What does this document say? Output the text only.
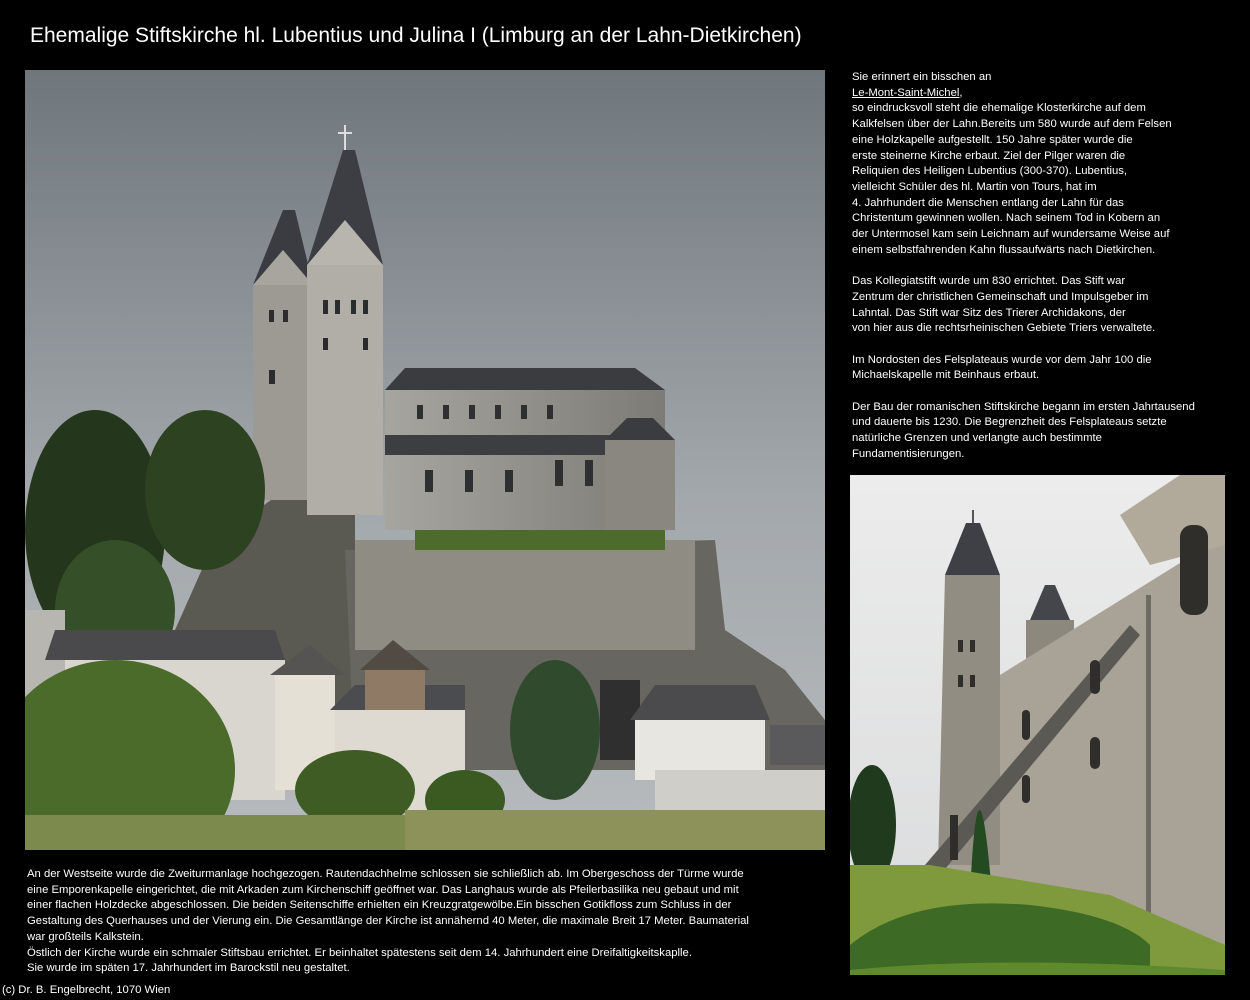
Ehemalige Stiftskirche hl. Lubentius und Julina I (Limburg an der Lahn-Dietkirchen)
Sie erinnert ein bisschen an
Le-Mont-Saint-Michel,
so eindrucksvoll steht die ehemalige Klosterkirche auf dem
Kalkfelsen über der Lahn.Bereits um 580 wurde auf dem Felsen
eine Holzkapelle aufgestellt. 150 Jahre später wurde die
erste steinerne Kirche erbaut. Ziel der Pilger waren die
Reliquien des Heiligen Lubentius (300-370). Lubentius,
vielleicht Schüler des hl. Martin von Tours, hat im
4. Jahrhundert die Menschen entlang der Lahn für das
Christentum gewinnen wollen. Nach seinem Tod in Kobern an
der Untermosel kam sein Leichnam auf wundersame Weise auf
einem selbstfahrenden Kahn flussaufwärts nach Dietkirchen.
Das Kollegiatstift wurde um 830 errichtet. Das Stift war
Zentrum der christlichen Gemeinschaft und Impulsgeber im
Lahntal. Das Stift war Sitz des Trierer Archidakons, der
von hier aus die rechtsrheinischen Gebiete Triers verwaltete.
Im Nordosten des Felsplateaus wurde vor dem Jahr 100 die
Michaelskapelle mit Beinhaus erbaut.
Der Bau der romanischen Stiftskirche begann im ersten Jahrtausend
und dauerte bis 1230. Die Begrenzheit des Felsplateaus setzte
natürliche Grenzen und verlangte auch bestimmte
Fundamentisierungen.
An der Westseite wurde die Zweiturmanlage hochgezogen. Rautendachhelme schlossen sie schließlich ab. Im Obergeschoss der Türme wurde
eine Emporenkapelle eingerichtet, die mit Arkaden zum Kirchenschiff geöffnet war. Das Langhaus wurde als Pfeilerbasilika neu gebaut und mit
einer flachen Holzdecke abgeschlossen. Die beiden Seitenschiffe erhielten ein Kreuzgratgewölbe.Ein bisschen Gotikfloss zum Schluss in der
Gestaltung des Querhauses und der Vierung ein. Die Gesamtlänge der Kirche ist annähernd 40 Meter, die maximale Breit 17 Meter. Baumaterial
war großteils Kalkstein.
Östlich der Kirche wurde ein schmaler Stiftsbau errichtet. Er beinhaltet spätestens seit dem 14. Jahrhundert eine Dreifaltigkeitskaplle.
Sie wurde im späten 17. Jahrhundert im Barockstil neu gestaltet.
(c) Dr. B. Engelbrecht, 1070 Wien
